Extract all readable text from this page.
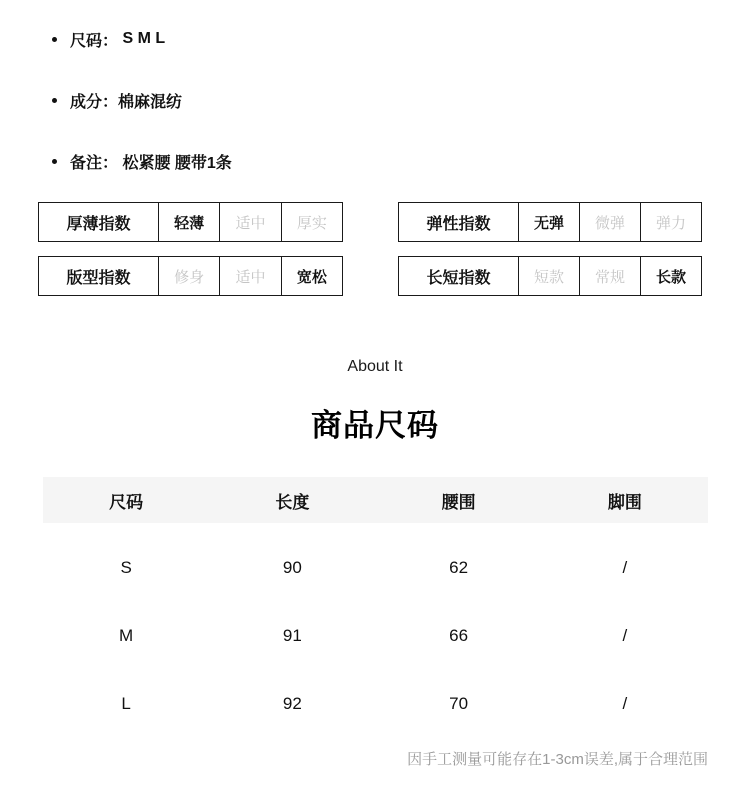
尺码： S M L
成分： 棉麻混纺
备注： 松紧腰 腰带1条
厚薄指数	轻薄	适中	厚实	弹性指数	无弹	微弹	弹力
版型指数	修身	适中	宽松	长短指数	短款	常规	长款
About It
商品尺码
尺码	长度	腰围	脚围
S	90	62	/
M	91	66	/
L	92	70	/
因手工测量可能存在1-3cm误差,属于合理范围
